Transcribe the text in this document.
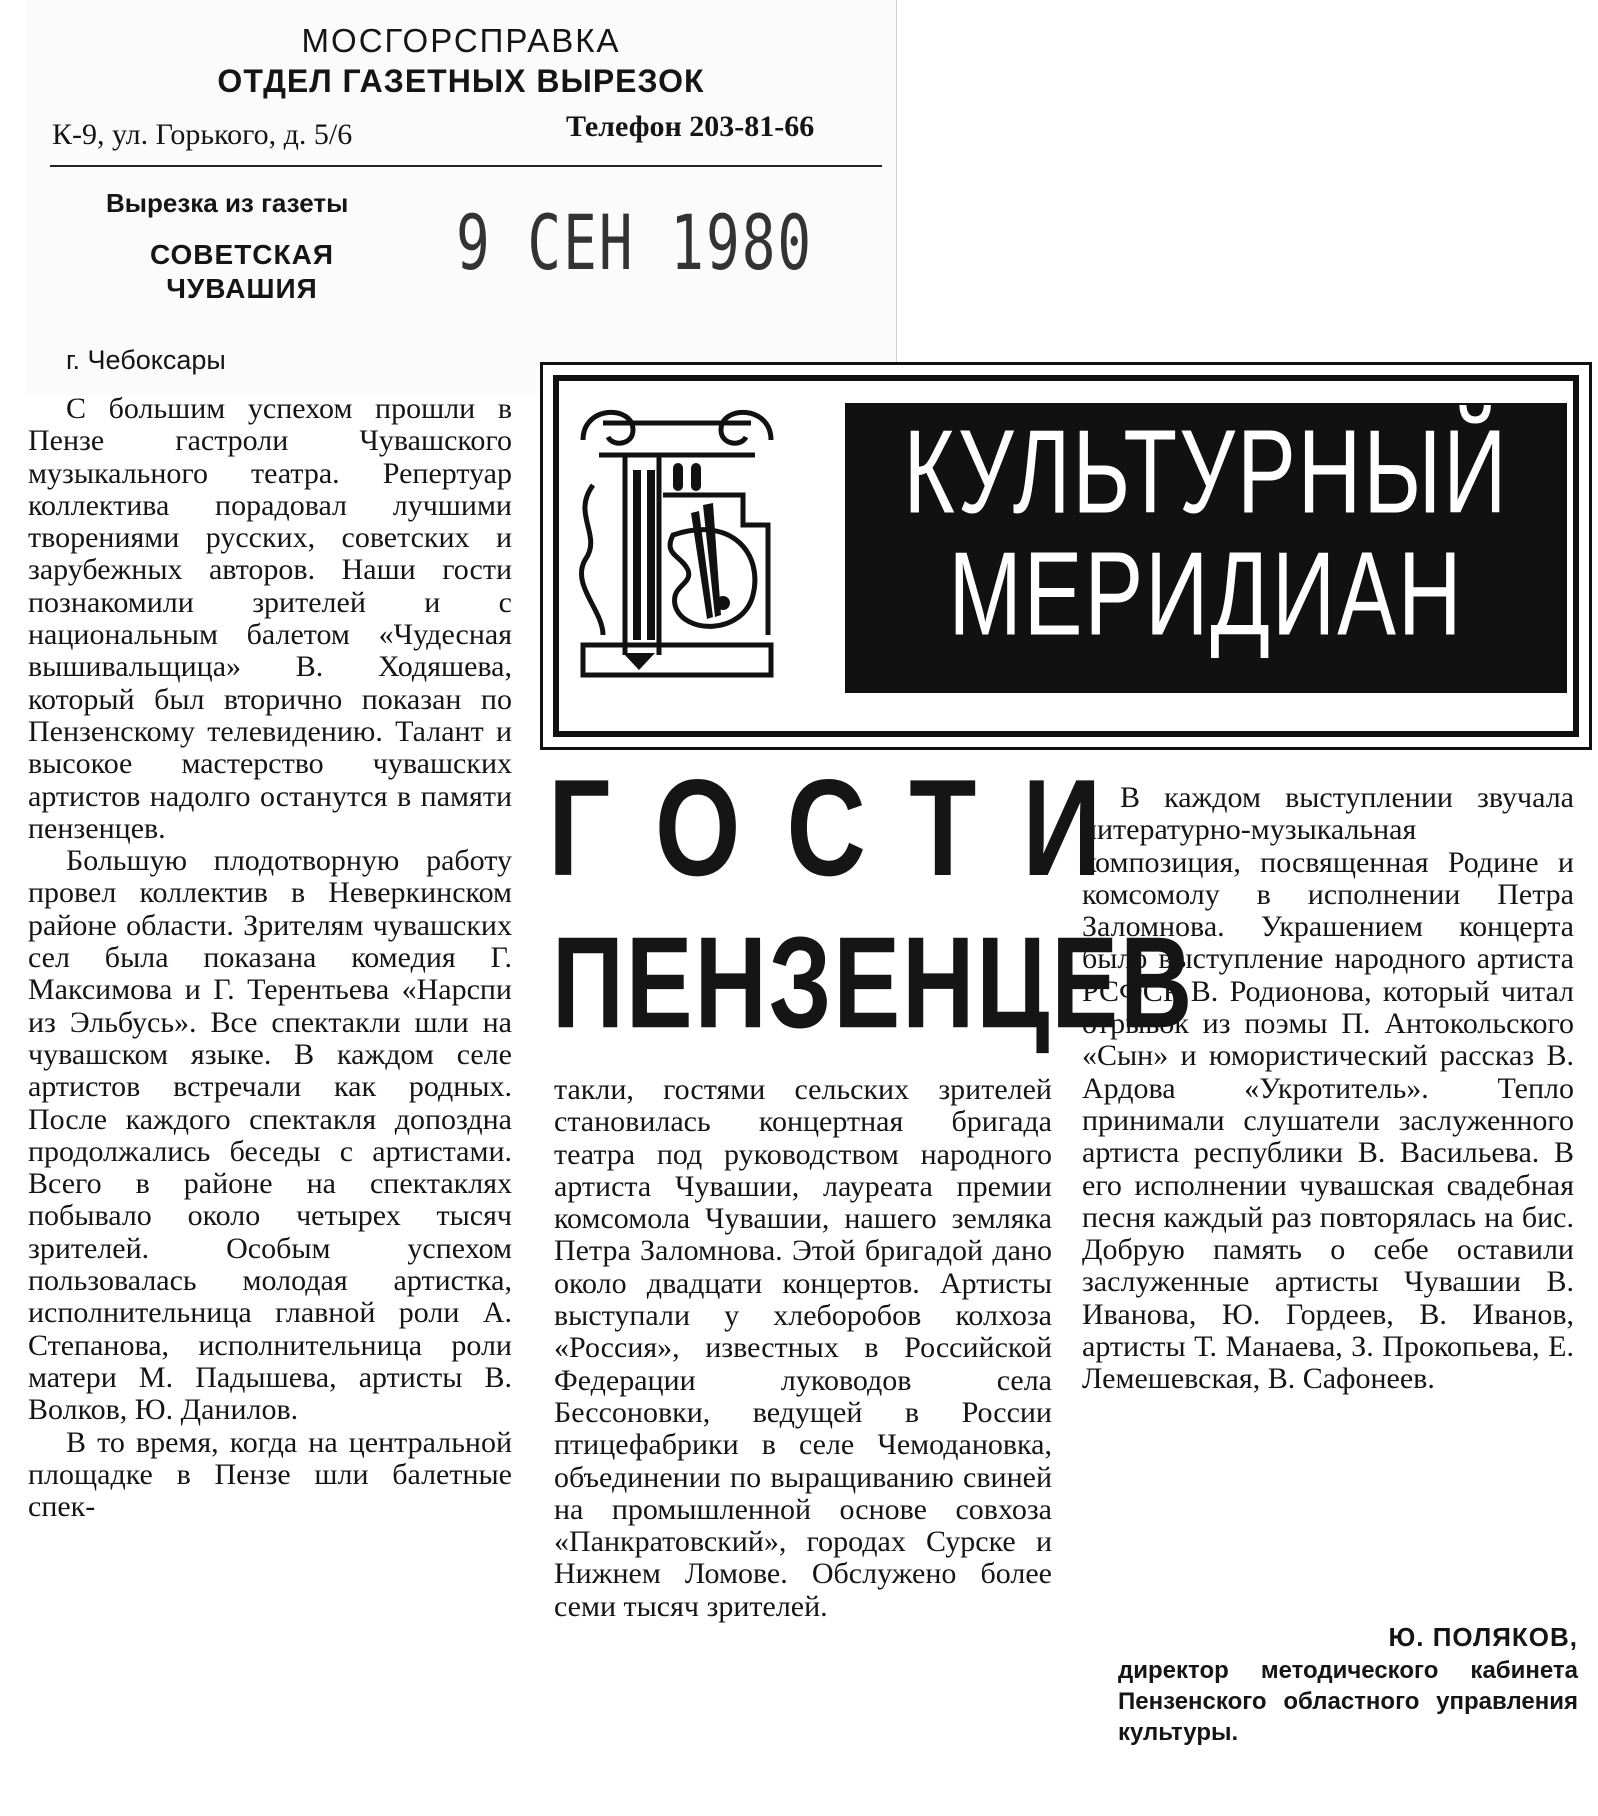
МОСГОРСПРАВКА
ОТДЕЛ ГАЗЕТНЫХ ВЫРЕЗОК
К-9, ул. Горького, д. 5/6	Телефон 203-81-66
Вырезка из газеты
СОВЕТСКАЯ
ЧУВАШИЯ
9 СЕН 1980
г. Чебоксары
КУЛЬТУРНЫЙ
МЕРИДИАН
ГОСТИ
ПЕНЗЕНЦЕВ

С большим успехом прошли в Пензе гастроли Чувашского музыкального театра. Репертуар коллектива порадовал лучшими творениями русских, советских и зарубежных авторов. Наши гости познакомили зрителей и с национальным балетом «Чудесная вышивальщица» В. Ходяшева, который был вторично показан по Пензенскому телевидению. Талант и высокое мастерство чувашских артистов надолго останутся в памяти пензенцев.

Большую плодотворную работу провел коллектив в Неверкинском районе области. Зрителям чувашских сел была показана комедия Г. Максимова и Г. Терентьева «Нарспи из Эльбусь». Все спектакли шли на чувашском языке. В каждом селе артистов встречали как родных. После каждого спектакля допоздна продолжались беседы с артистами. Всего в районе на спектаклях побывало около четырех тысяч зрителей. Особым успехом пользовалась молодая артистка, исполнительница главной роли А. Степанова, исполнительница роли матери М. Падышева, артисты В. Волков, Ю. Данилов.

В то время, когда на центральной площадке в Пензе шли балетные спек-

такли, гостями сельских зрителей становилась концертная бригада театра под руководством народного артиста Чувашии, лауреата премии комсомола Чувашии, нашего земляка Петра Заломнова. Этой бригадой дано около двадцати концертов. Артисты выступали у хлеборобов колхоза «Россия», известных в Российской Федерации луководов села Бессоновки, ведущей в России птицефабрики в селе Чемодановка, объединении по выращиванию свиней на промышленной основе совхоза «Панкратовский», городах Сурске и Нижнем Ломове. Обслужено более семи тысяч зрителей.

В каждом выступлении звучала литературно-музыкальная композиция, посвященная Родине и комсомолу в исполнении Петра Заломнова. Украшением концерта было выступление народного артиста РСФСР В. Родионова, который читал отрывок из поэмы П. Антокольского «Сын» и юмористический рассказ В. Ардова «Укротитель». Тепло принимали слушатели заслуженного артиста республики В. Васильева. В его исполнении чувашская свадебная песня каждый раз повторялась на бис. Добрую память о себе оставили заслуженные артисты Чувашии В. Иванова, Ю. Гордеев, В. Иванов, артисты Т. Манаева, З. Прокопьева, Е. Лемешевская, В. Сафонеев.

Ю. ПОЛЯКОВ,
директор методического кабинета Пензенского областного управления культуры.
